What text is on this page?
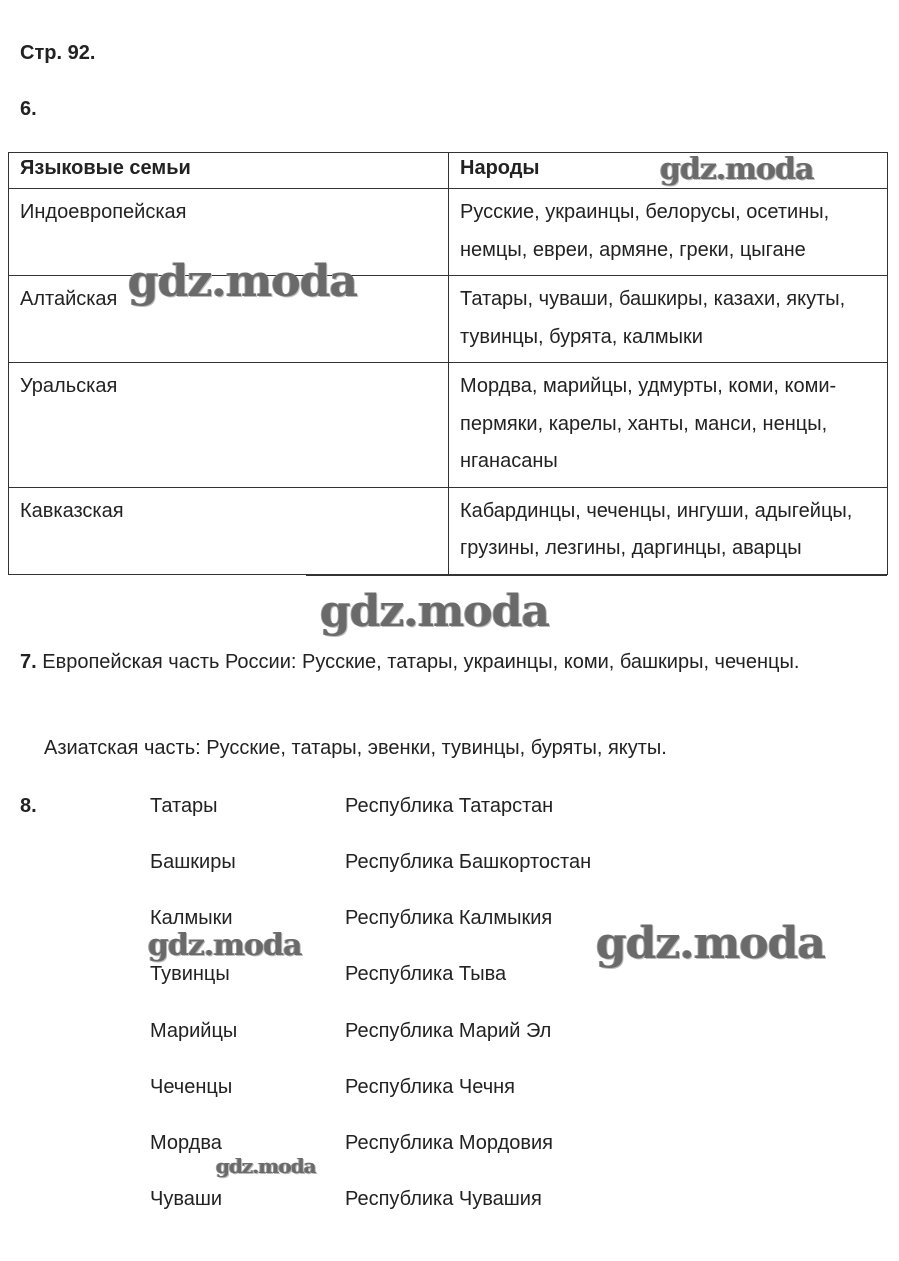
Стр. 92.
6.
Языковые семьи	Народы
Индоевропейская	Русские, украинцы, белорусы, осетины, немцы, евреи, армяне, греки, цыгане
Алтайская	Татары, чуваши, башкиры, казахи, якуты, тувинцы, бурята, калмыки
Уральская	Мордва, марийцы, удмурты, коми, коми-пермяки, карелы, ханты, манси, ненцы, нганасаны
Кавказская	Кабардинцы, чеченцы, ингуши, адыгейцы, грузины, лезгины, даргинцы, аварцы
7. Европейская часть России: Русские, татары, украинцы, коми, башкиры, чеченцы.
Азиатская часть: Русские, татары, эвенки, тувинцы, буряты, якуты.
8.	Татары	Республика Татарстан
Башкиры	Республика Башкортостан
Калмыки	Республика Калмыкия
Тувинцы	Республика Тыва
Марийцы	Республика Марий Эл
Чеченцы	Республика Чечня
Мордва	Республика Мордовия
Чуваши	Республика Чувашия
gdz.moda
gdz.moda
gdz.moda
gdz.moda	gdz.moda
gdz.moda
